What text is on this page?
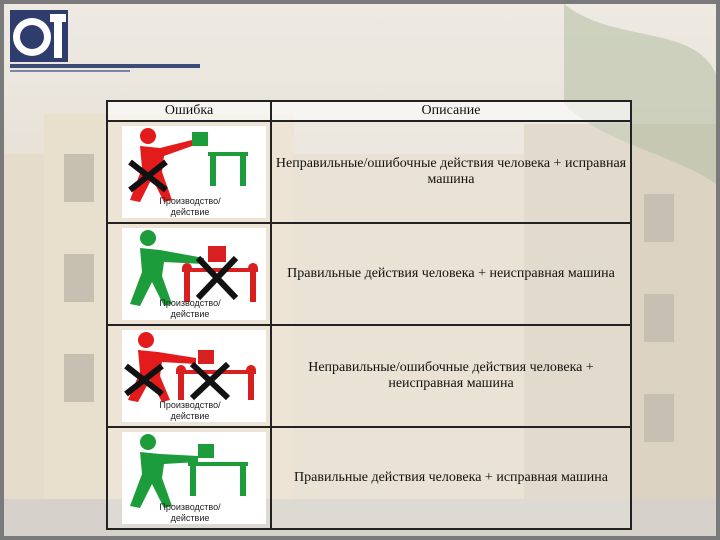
Ошибка	Описание

Производство/ действие	Неправильные/ошибочные действия человека + исправная машина

Производство/ действие	Правильные действия человека + неисправная машина

Производство/ действие	Неправильные/ошибочные действия человека + неисправная машина

Производство/ действие	Правильные действия человека + исправная машина
